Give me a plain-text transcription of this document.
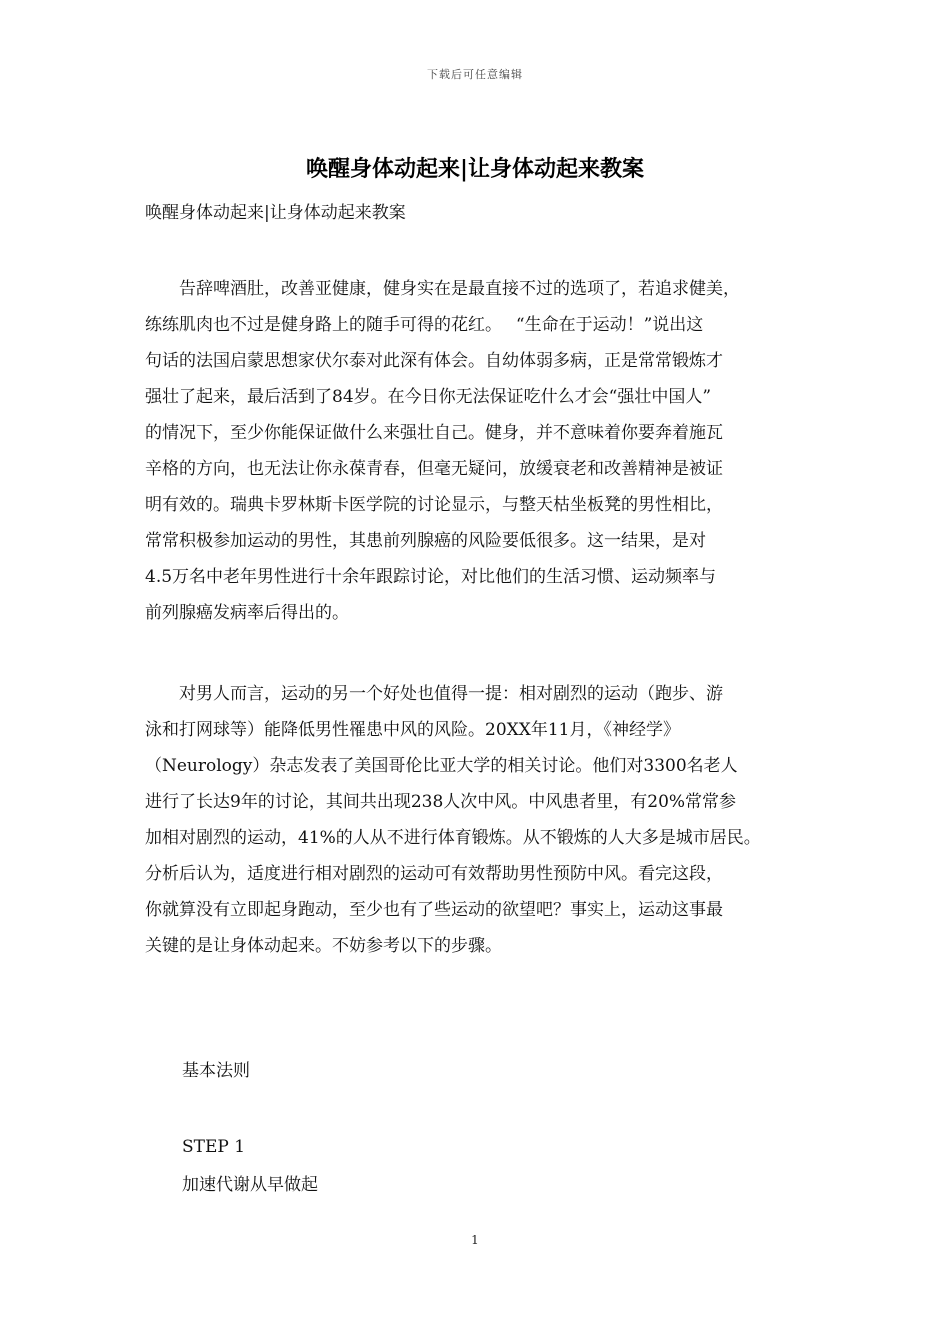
下载后可任意编辑
唤醒身体动起来|让身体动起来教案
唤醒身体动起来|让身体动起来教案
　　告辞啤酒肚，改善亚健康，健身实在是最直接不过的选项了，若追求健美，
练练肌肉也不过是健身路上的随手可得的花红。　 “生命在于运动！”说出这
句话的法国启蒙思想家伏尔泰对此深有体会。自幼体弱多病，正是常常锻炼才
强壮了起来，最后活到了84岁。在今日你无法保证吃什么才会“强壮中国人”
的情况下，至少你能保证做什么来强壮自己。健身，并不意味着你要奔着施瓦
辛格的方向，也无法让你永葆青春，但毫无疑问，放缓衰老和改善精神是被证
明有效的。瑞典卡罗林斯卡医学院的讨论显示，与整天枯坐板凳的男性相比，
常常积极参加运动的男性，其患前列腺癌的风险要低很多。这一结果，是对
4.5万名中老年男性进行十余年跟踪讨论，对比他们的生活习惯、运动频率与
前列腺癌发病率后得出的。
　　对男人而言，运动的另一个好处也值得一提：相对剧烈的运动（跑步、游
泳和打网球等）能降低男性罹患中风的风险。20XX年11月，《神经学》
（Neurology）杂志发表了美国哥伦比亚大学的相关讨论。他们对3300名老人
进行了长达9年的讨论，其间共出现238人次中风。中风患者里，有20%常常参
加相对剧烈的运动，41%的人从不进行体育锻炼。从不锻炼的人大多是城市居民。
分析后认为，适度进行相对剧烈的运动可有效帮助男性预防中风。看完这段，
你就算没有立即起身跑动，至少也有了些运动的欲望吧？事实上，运动这事最
关键的是让身体动起来。不妨参考以下的步骤。
基本法则
STEP 1
加速代谢从早做起
1
